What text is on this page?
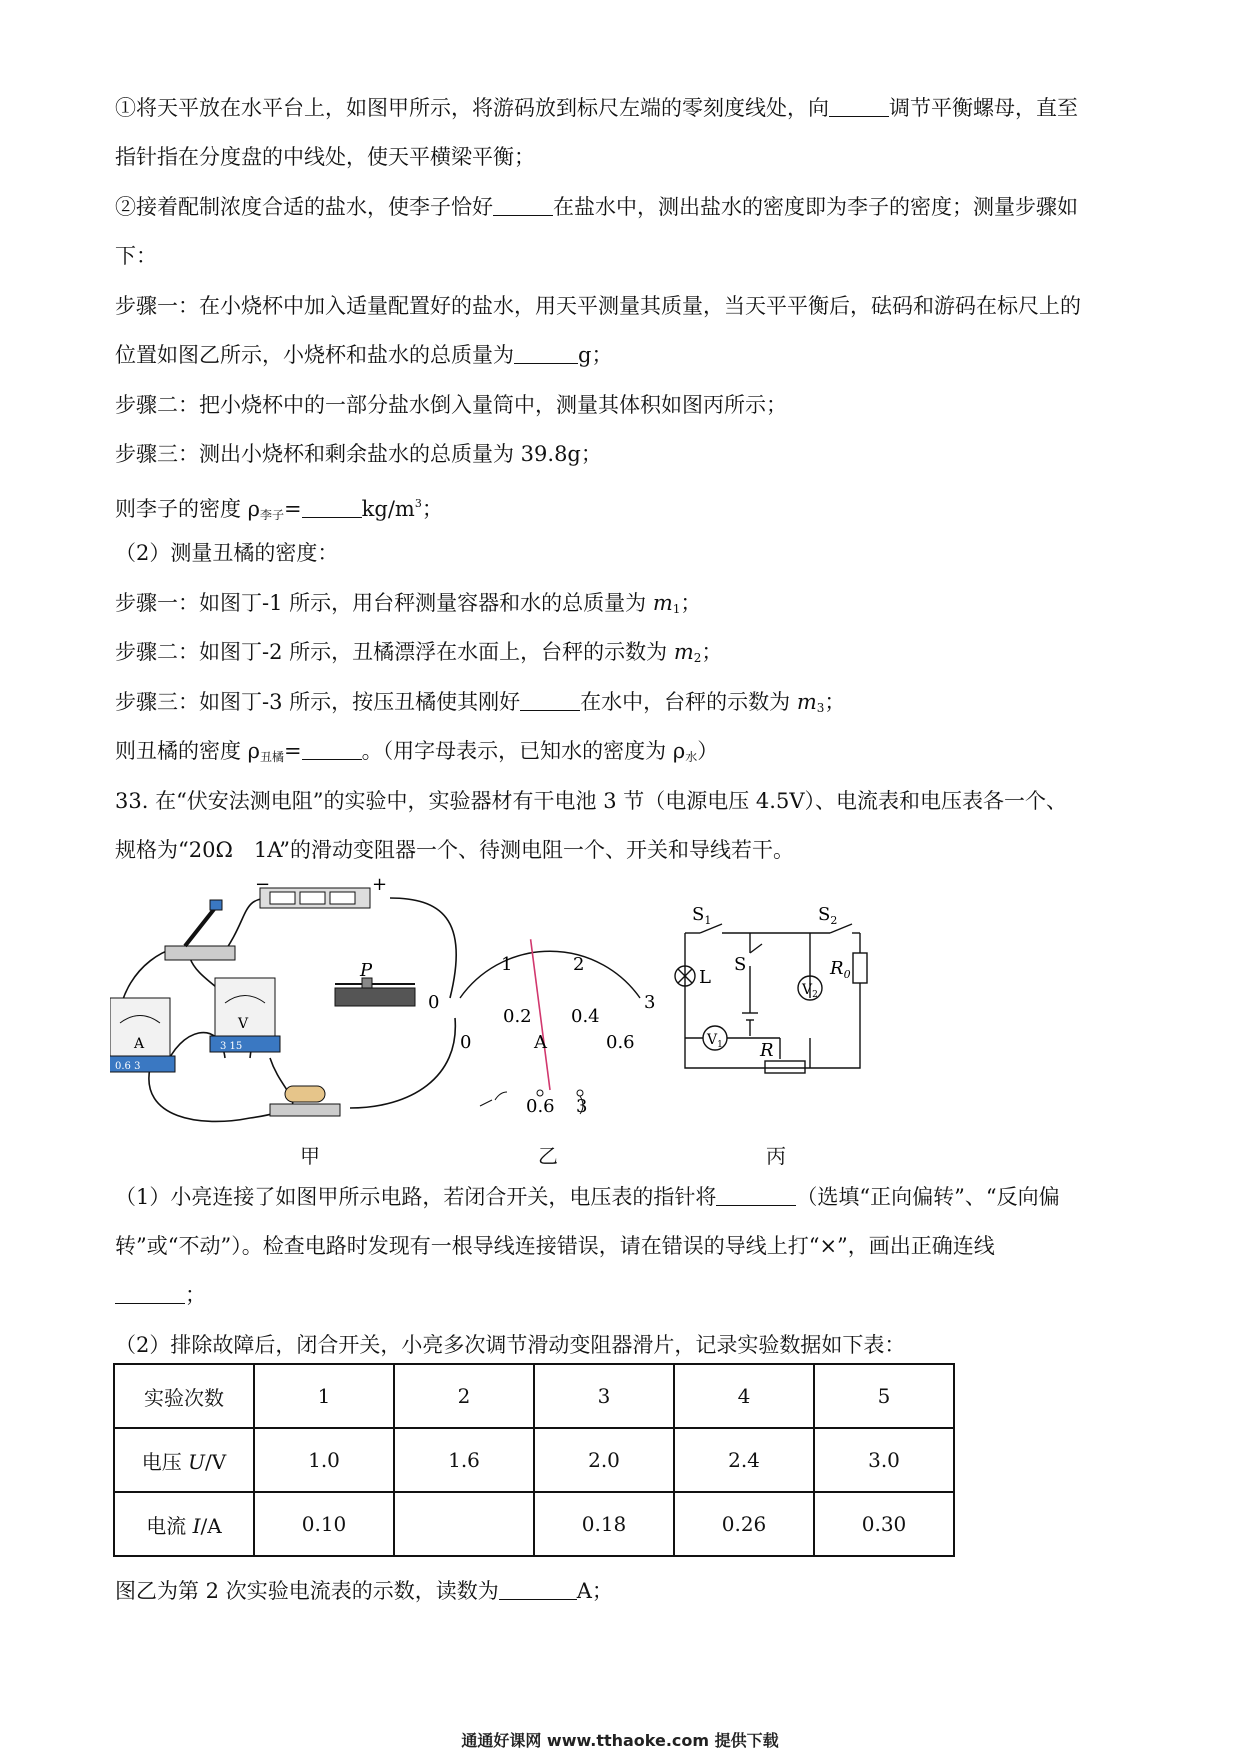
①将天平放在水平台上，如图甲所示，将游码放到标尺左端的零刻度线处，向	调节平衡螺母，直至
指针指在分度盘的中线处，使天平横梁平衡；
②接着配制浓度合适的盐水，使李子恰好	在盐水中，测出盐水的密度即为李子的密度；测量步骤如
下：
步骤一：在小烧杯中加入适量配置好的盐水，用天平测量其质量，当天平平衡后，砝码和游码在标尺上的
位置如图乙所示，小烧杯和盐水的总质量为	g；
步骤二：把小烧杯中的一部分盐水倒入量筒中，测量其体积如图丙所示；
步骤三：测出小烧杯和剩余盐水的总质量为 39.8g；
则李子的密度 $\rho_{李子}=$	$kg/m^3$；
（2）测量丑橘的密度：
步骤一：如图丁-1 所示，用台秤测量容器和水的总质量为 $m_1$；
步骤二：如图丁-2 所示，丑橘漂浮在水面上，台秤的示数为 $m_2$；
步骤三：如图丁-3 所示，按压丑橘使其刚好	在水中，台秤的示数为 $m_3$；
则丑橘的密度 $\rho_{丑橘}=$	。（用字母表示，已知水的密度为 $\rho_水$）
33. 在“伏安法测电阻”的实验中，实验器材有干电池 3 节（电源电压 4.5V）、电流表和电压表各一个、
规格为“20Ω　1A”的滑动变阻器一个、待测电阻一个、开关和导线若干。
−	+
P
A
0.6 3
V
3 15
0
1	2
3
0
0.2 0.4
0.6
A
0.6 3
$S_1$	$S_2$
S
L
$V_1$
$V_2$
$R_0$
R
甲	乙	丙
（1）小亮连接了如图甲所示电路，若闭合开关，电压表的指针将	（选填“正向偏转”、“反向偏
转”或“不动”）。检查电路时发现有一根导线连接错误，请在错误的导线上打“×”，画出正确连线
；
（2）排除故障后，闭合开关，小亮多次调节滑动变阻器滑片，记录实验数据如下表：
实验次数	1	2	3	4	5
电压 U/V	1.0	1.6	2.0	2.4	3.0
电流 I/A	0.10		0.18	0.26	0.30
图乙为第 2 次实验电流表的示数，读数为	A；
通通好课网 www.tthaoke.com 提供下载
